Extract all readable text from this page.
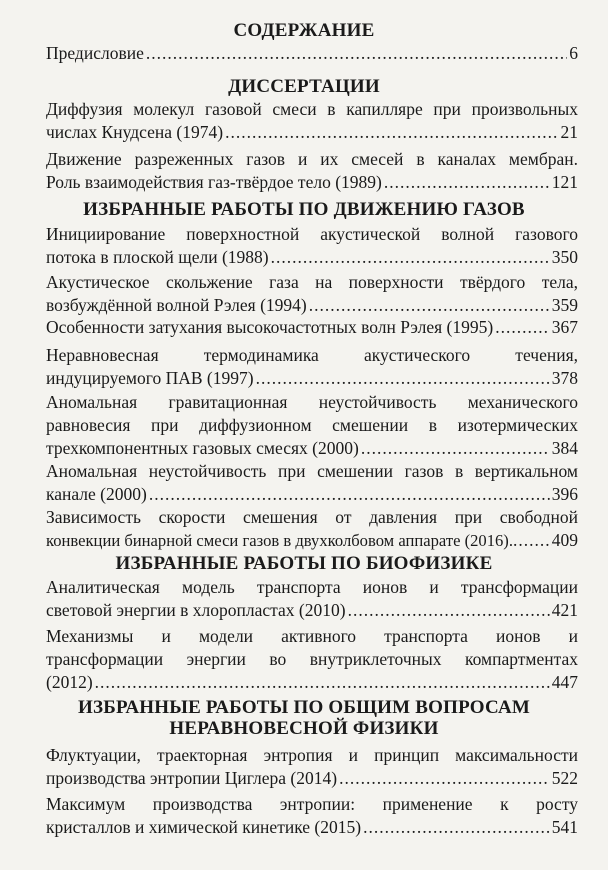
СОДЕРЖАНИЕ
Предисловие .....	6
ДИССЕРТАЦИИ
Диффузия молекул газовой смеси в капилляре при произвольных
числах Кнудсена (1974) .....	21
Движение разреженных газов и их смесей в каналах мембран.
Роль взаимодействия газ-твёрдое тело (1989) .....	121
ИЗБРАННЫЕ РАБОТЫ ПО ДВИЖЕНИЮ ГАЗОВ
Инициирование поверхностной акустической волной газового
потока в плоской щели (1988) .....	350
Акустическое скольжение газа на поверхности твёрдого тела,
возбуждённой волной Рэлея (1994) .....	359
Особенности затухания высокочастотных волн Рэлея (1995) .....	367
Неравновесная термодинамика акустического течения,
индуцируемого ПАВ (1997) .....	378
Аномальная гравитационная неустойчивость механического
равновесия при диффузионном смешении в изотермических
трехкомпонентных газовых смесях (2000) .....	384
Аномальная неустойчивость при смешении газов в вертикальном
канале (2000) .....	396
Зависимость скорости смешения от давления при свободной
конвекции бинарной смеси газов в двухколбовом аппарате (2016). ..... 409
ИЗБРАННЫЕ РАБОТЫ ПО БИОФИЗИКЕ
Аналитическая модель транспорта ионов и трансформации
световой энергии в хлоропластах (2010) .....	421
Механизмы и модели активного транспорта ионов и
трансформации энергии во внутриклеточных компартментах
(2012) .....	447
ИЗБРАННЫЕ РАБОТЫ ПО ОБЩИМ ВОПРОСАМ
НЕРАВНОВЕСНОЙ ФИЗИКИ
Флуктуации, траекторная энтропия и принцип максимальности
производства энтропии Циглера (2014) .....	522
Максимум производства энтропии: применение к росту
кристаллов и химической кинетике (2015) .....	541
